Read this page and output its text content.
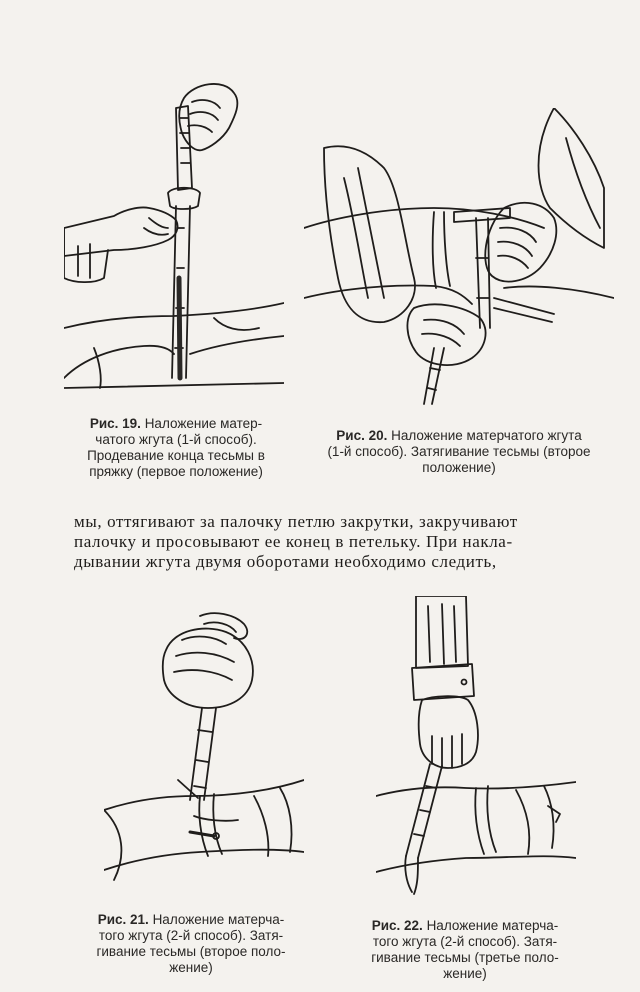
Рис. 19. Наложение матер-
чатого жгута (1-й способ).
Продевание конца тесьмы в
пряжку (первое положение)
Рис. 20. Наложение матерчатого жгута
(1-й способ). Затягивание тесьмы (второе
положение)
мы, оттягивают за палочку петлю закрутки, закручивают
палочку и просовывают ее конец в петельку. При накла-
дывании жгута двумя оборотами необходимо следить,
Рис. 21. Наложение матерча-
того жгута (2-й способ). Затя-
гивание тесьмы (второе поло-
жение)
Рис. 22. Наложение матерча-
того жгута (2-й способ). Затя-
гивание тесьмы (третье поло-
жение)
